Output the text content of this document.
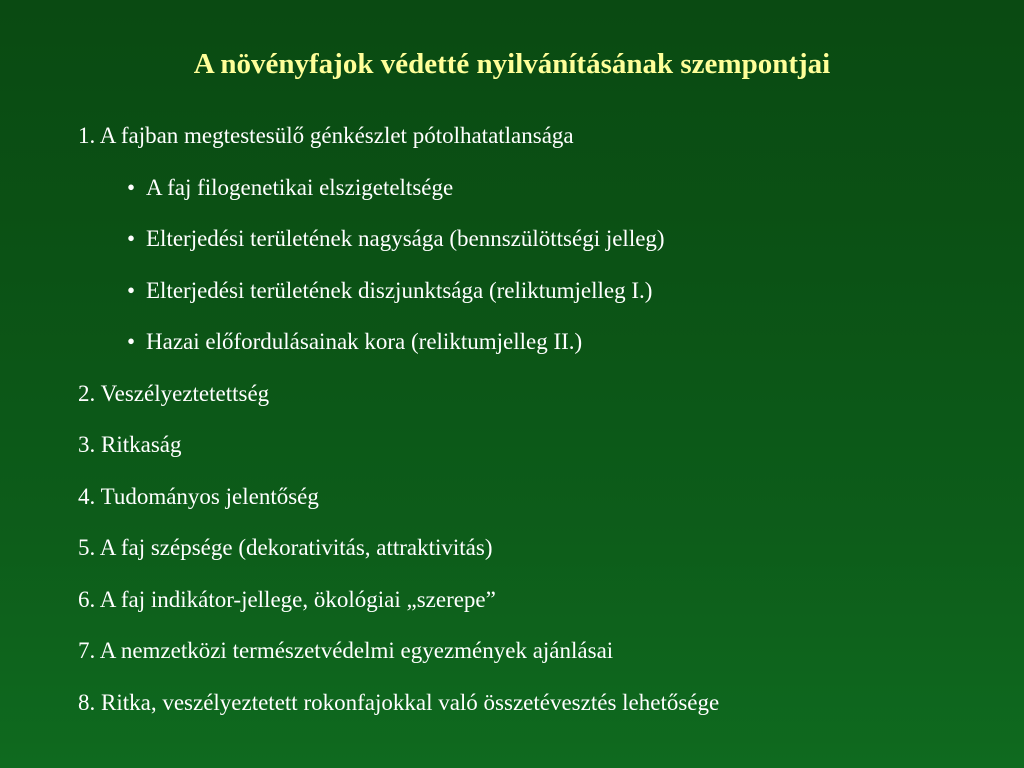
A növényfajok védetté nyilvánításának szempontjai
1. A fajban megtestesülő génkészlet pótolhatatlansága
• A faj filogenetikai elszigeteltsége
• Elterjedési területének nagysága (bennszülöttségi jelleg)
• Elterjedési területének diszjunktsága (reliktumjelleg I.)
• Hazai előfordulásainak kora (reliktumjelleg II.)
2. Veszélyeztetettség
3. Ritkaság
4. Tudományos jelentőség
5. A faj szépsége (dekorativitás, attraktivitás)
6. A faj indikátor-jellege, ökológiai „szerepe”
7. A nemzetközi természetvédelmi egyezmények ajánlásai
8. Ritka, veszélyeztetett rokonfajokkal való összetévesztés lehetősége
